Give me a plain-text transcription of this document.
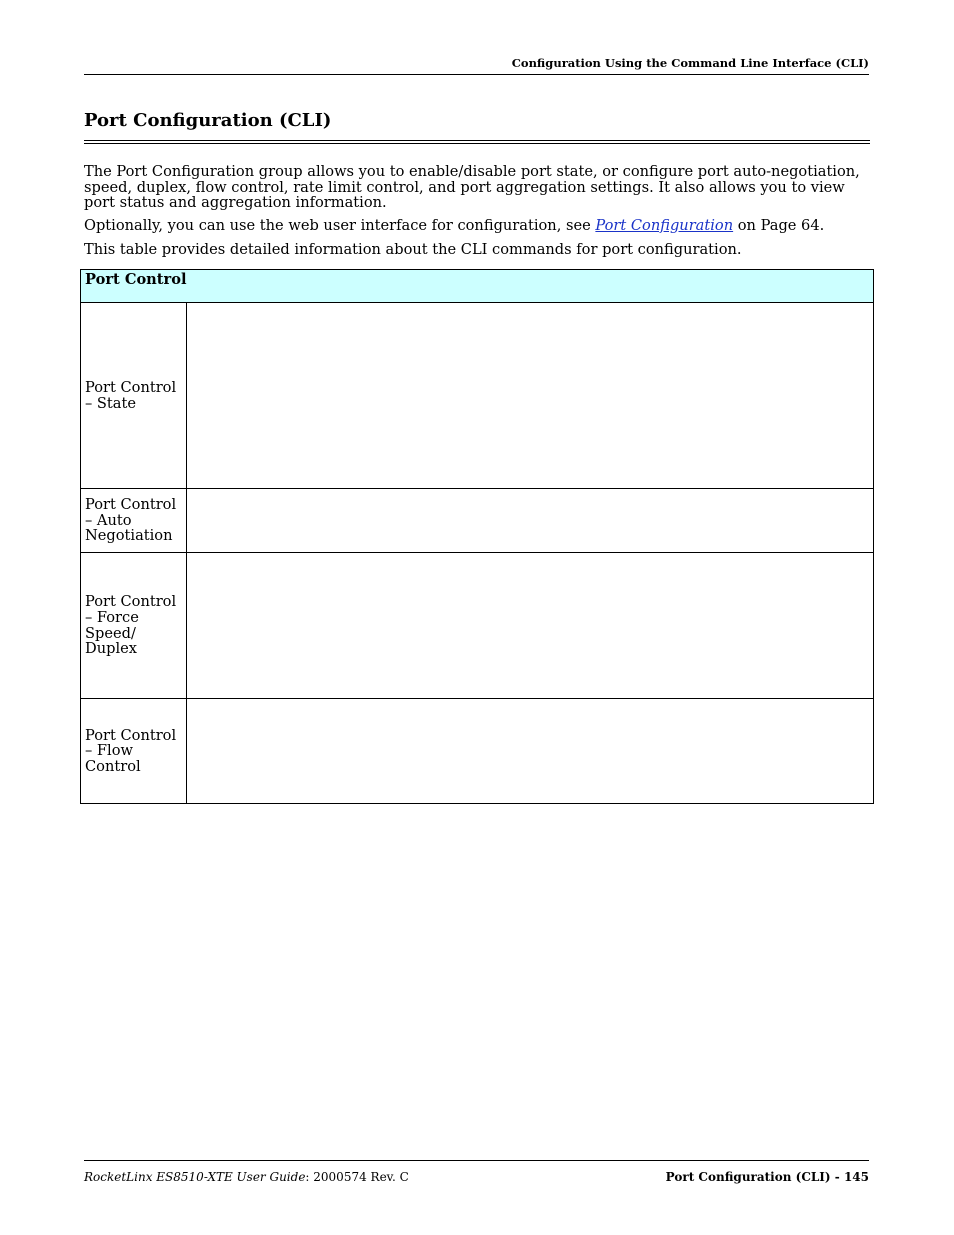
Configuration Using the Command Line Interface (CLI)
Port Configuration (CLI)

The Port Configuration group allows you to enable/disable port state, or configure port auto-negotiation, speed, duplex, flow control, rate limit control, and port aggregation settings. It also allows you to view port status and aggregation information.

Optionally, you can use the web user interface for configuration, see Port Configuration on Page 64.

This table provides detailed information about the CLI commands for port configuration.

Port Control	
Port Control
– State	
Port Control
– Auto
Negotiation	
Port Control
– Force
Speed/
Duplex	
Port Control
– Flow
Control	
RocketLinx ES8510-XTE User Guide: 2000574 Rev. C	Port Configuration (CLI) - 145
